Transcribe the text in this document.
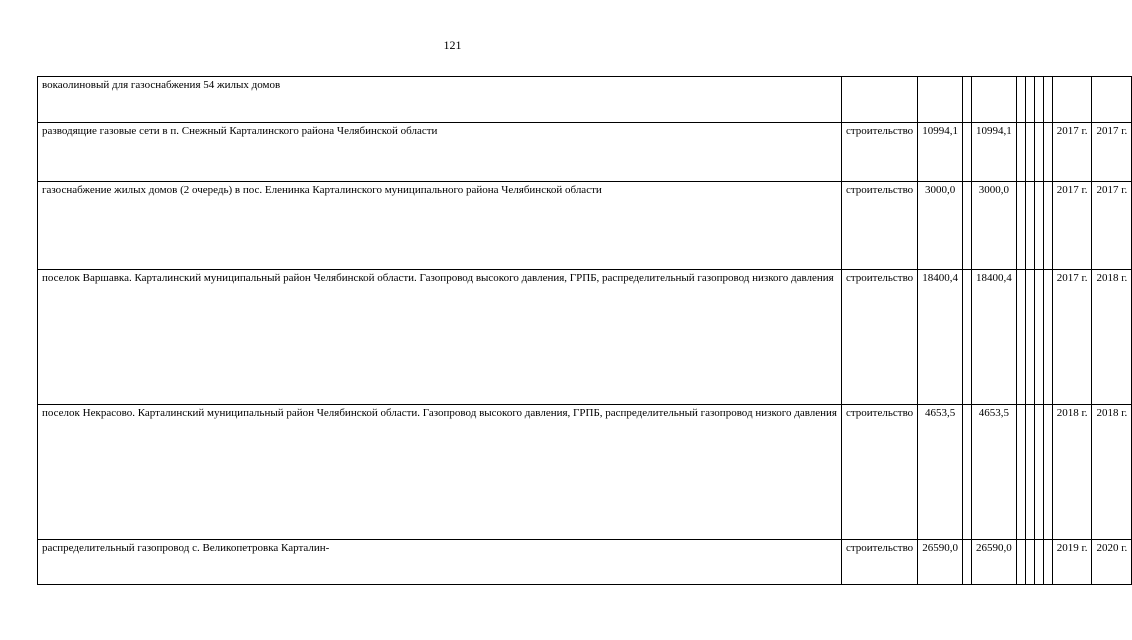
121
вокаолиновый для газоснабжения 54 жилых домов										
разводящие газовые сети в п. Снежный Карталинского района Челябинской области	строительство	10994,1		10994,1					2017 г.	2017 г.
газоснабжение жилых домов (2 очередь) в пос. Еленинка Карталинского муниципального района Челябинской области	строительство	3000,0		3000,0					2017 г.	2017 г.
поселок Варшавка. Карталинский муниципальный район Челябинской области. Газопровод высокого давления, ГРПБ, распределительный газопровод низкого давления	строительство	18400,4		18400,4					2017 г.	2018 г.
поселок Некрасово. Карталинский муниципальный район Челябинской области. Газопровод высокого давления, ГРПБ, распределительный газопровод низкого давления	строительство	4653,5		4653,5					2018 г.	2018 г.
распределительный газопровод с. Великопетровка Карталин-	строительство	26590,0		26590,0					2019 г.	2020 г.
